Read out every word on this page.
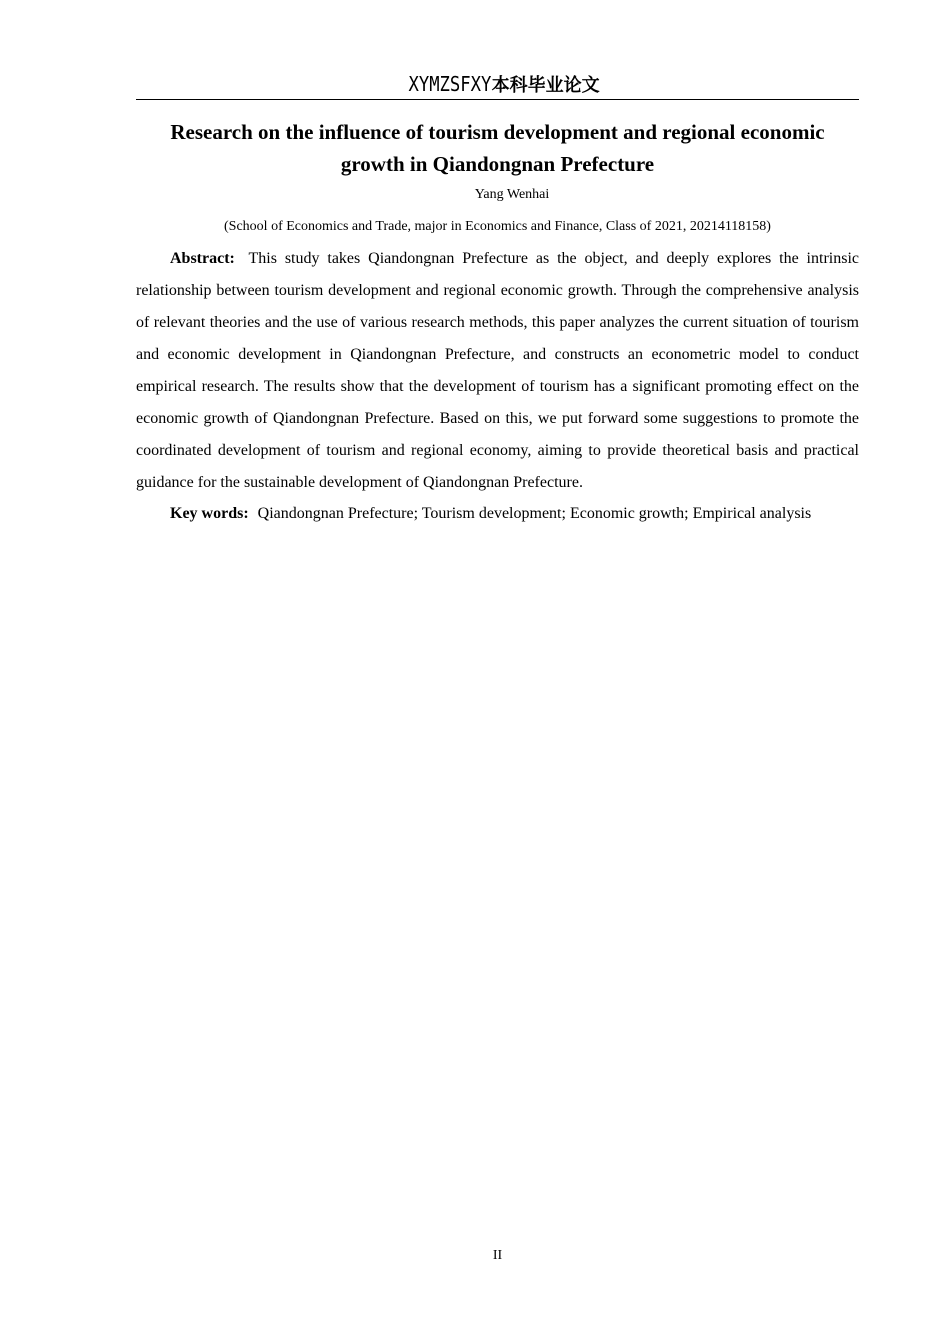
XYMZSFXY本科毕业论文
Research on the influence of tourism development and regional economic growth in Qiandongnan Prefecture
Yang Wenhai
(School of Economics and Trade, major in Economics and Finance, Class of 2021, 20214118158)

Abstract: This study takes Qiandongnan Prefecture as the object, and deeply explores the intrinsic relationship between tourism development and regional economic growth. Through the comprehensive analysis of relevant theories and the use of various research methods, this paper analyzes the current situation of tourism and economic development in Qiandongnan Prefecture, and constructs an econometric model to conduct empirical research. The results show that the development of tourism has a significant promoting effect on the economic growth of Qiandongnan Prefecture. Based on this, we put forward some suggestions to promote the coordinated development of tourism and regional economy, aiming to provide theoretical basis and practical guidance for the sustainable development of Qiandongnan Prefecture.

Key words: Qiandongnan Prefecture; Tourism development; Economic growth; Empirical analysis

II
